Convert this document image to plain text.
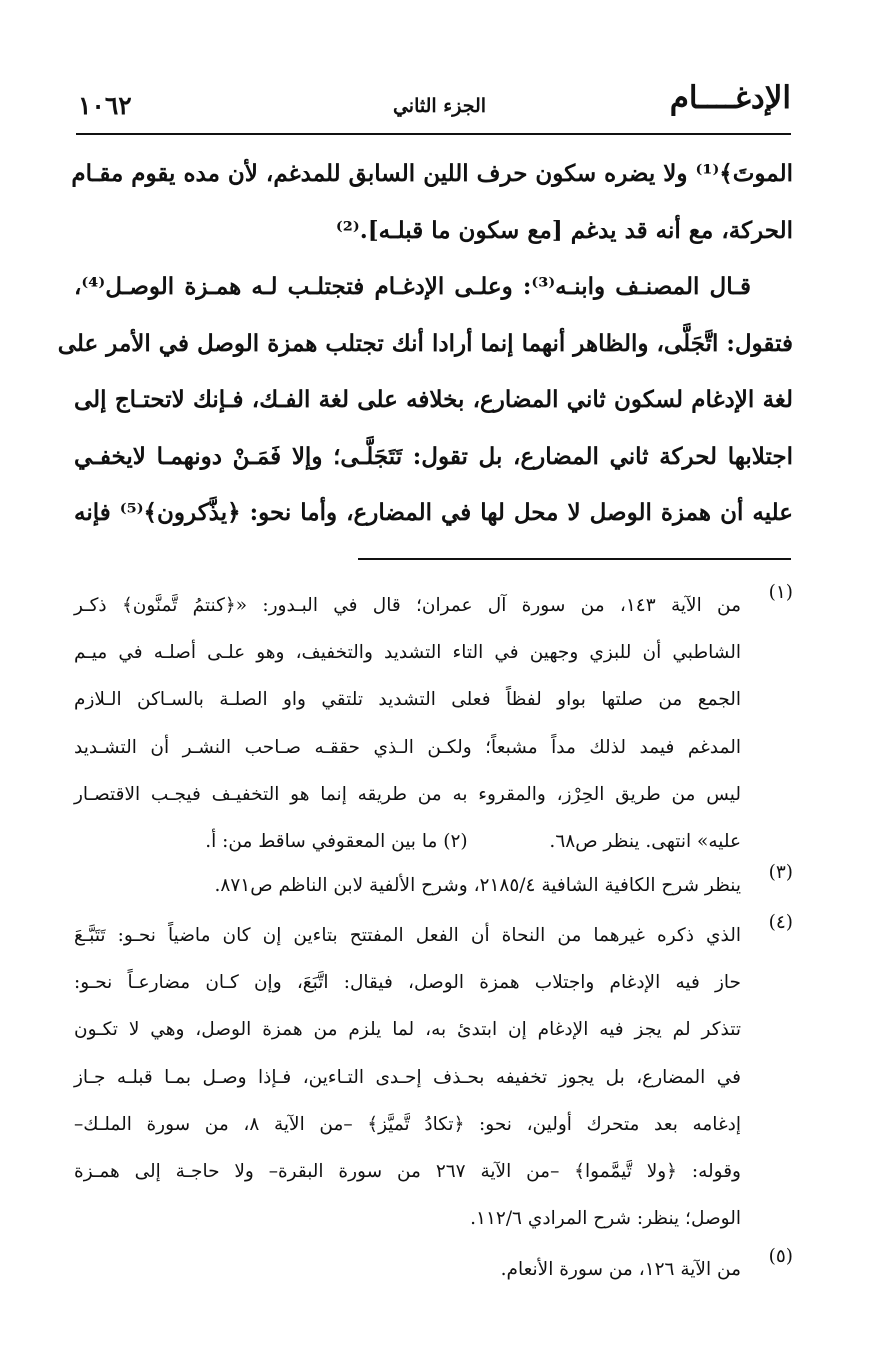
الإدغــــام
الجزء الثاني
١٠٦٢
الموتَ﴾⁽¹⁾ ولا يضره سكون حرف اللين السابق للمدغم، لأن مده يقوم مقـام
الحركة، مع أنه قد يدغم [مع سكون ما قبلـه].⁽²⁾
قـال المصنـف وابنـه⁽³⁾: وعلـى الإدغـام فتجتلـب لـه همـزة الوصـل⁽⁴⁾،
فتقول: اتَّجَلَّى، والظاهر أنهما إنما أرادا أنك تجتلب همزة الوصل في الأمر على
لغة الإدغام لسكون ثاني المضارع، بخلافه على لغة الفـك، فـإنك لاتحتـاج إلى
اجتلابها لحركة ثاني المضارع، بل تقول: تَتَجَلَّـى؛ وإلا فَمَـنْ دونهمـا لايخفـي
عليه أن همزة الوصل لا محل لها في المضارع، وأما نحو: ﴿يذَّكرون﴾⁽⁵⁾ فإنه
(١)
من الآية ١٤٣، من سورة آل عمران؛ قال في البـدور: «﴿كنتمُ تَّمنَّون﴾ ذكـر
الشاطبي أن للبزي وجهين في التاء التشديد والتخفيف، وهو علـى أصلـه في ميـم
الجمع من صلتها بواو لفظاً فعلى التشديد تلتقي واو الصلـة بالسـاكن الـلازم
المدغم فيمد لذلك مداً مشبعاً؛ ولكـن الـذي حققـه صـاحب النشـر أن التشـديد
ليس من طريق الحِرْز، والمقروء به من طريقه إنما هو التخفيـف فيجـب الاقتصـار
عليه» انتهى. ينظر ص٦٨.  (٢) ما بين المعقوفي ساقط من: أ.
(٣)
ينظر شرح الكافية الشافية ٢١٨٥/٤، وشرح الألفية لابن الناظم ص٨٧١.
(٤)
الذي ذكره غيرهما من النحاة أن الفعل المفتتح بتاءين إن كان ماضياً نحـو: تَتَبَّـعَ
حاز فيه الإدغام واجتلاب همزة الوصل، فيقال: اتَّبَعَ، وإن كـان مضارعـاً نحـو:
تتذكر لم يجز فيه الإدغام إن ابتدئ به، لما يلزم من همزة الوصل، وهي لا تكـون
في المضارع، بل يجوز تخفيفه بحـذف إحـدى التـاءين، فـإذا وصـل بمـا قبلـه جـاز
إدغامه بعد متحرك أولين، نحو: ﴿تكادُ تَّميَّز﴾ –من الآية ٨، من سورة الملـك–
وقوله: ﴿ولا تَّيمَّموا﴾ –من الآية ٢٦٧ من سورة البقرة– ولا حاجـة إلى همـزة
الوصل؛ ينظر: شرح المرادي ١١٢/٦.
(٥)
من الآية ١٢٦، من سورة الأنعام.
